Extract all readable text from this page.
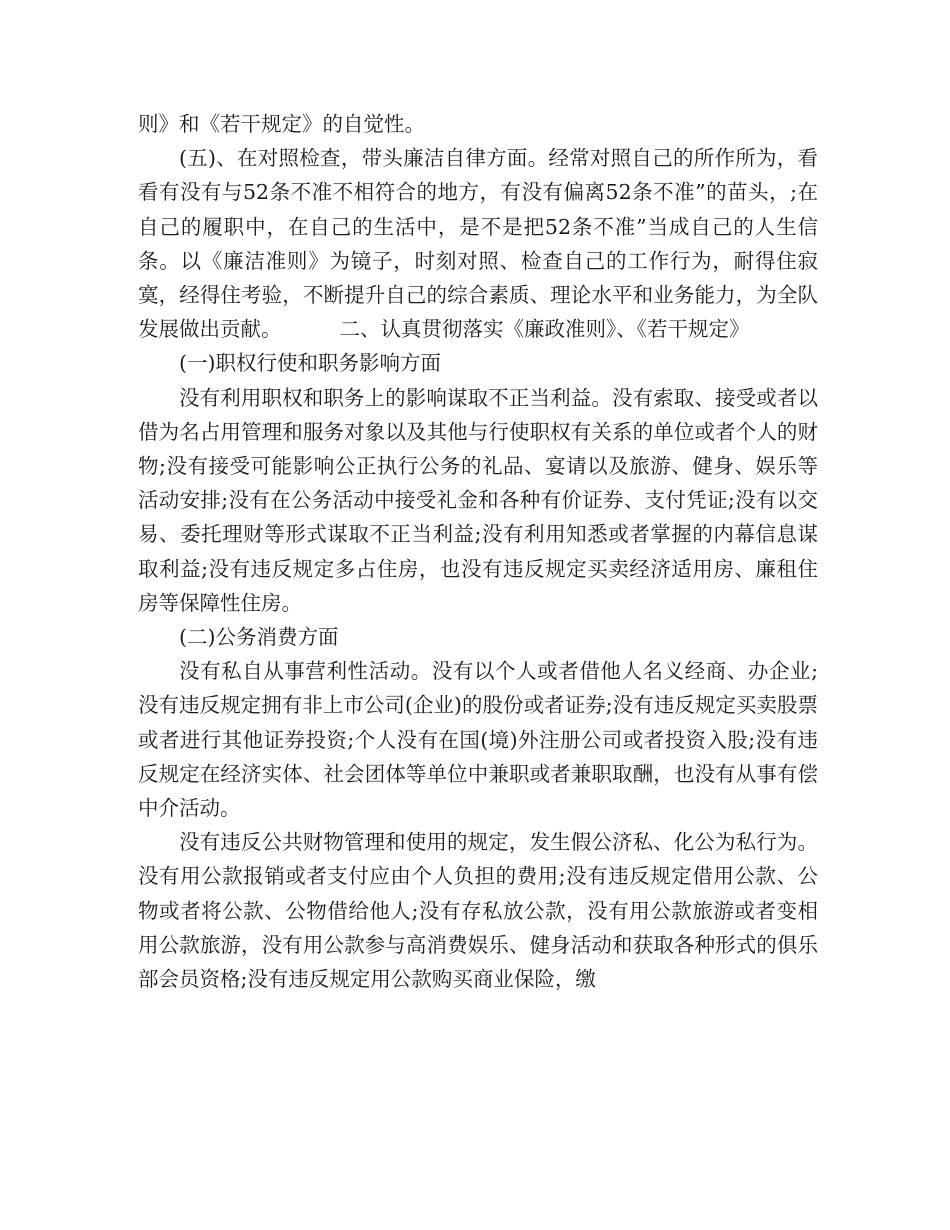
则》和《若干规定》的自觉性。

(五)、在对照检查，带头廉洁自律方面。经常对照自己的所作所为，看看有没有与52条不准不相符合的地方，有没有偏离52条不准”的苗头，;在自己的履职中，在自己的生活中，是不是把52条不准”当成自己的人生信条。以《廉洁准则》为镜子，时刻对照、检查自己的工作行为，耐得住寂寞，经得住考验，不断提升自己的综合素质、理论水平和业务能力，为全队发展做出贡献。	二、认真贯彻落实《廉政准则》、《若干规定》

(一)职权行使和职务影响方面

没有利用职权和职务上的影响谋取不正当利益。没有索取、接受或者以借为名占用管理和服务对象以及其他与行使职权有关系的单位或者个人的财物;没有接受可能影响公正执行公务的礼品、宴请以及旅游、健身、娱乐等活动安排;没有在公务活动中接受礼金和各种有价证券、支付凭证;没有以交易、委托理财等形式谋取不正当利益;没有利用知悉或者掌握的内幕信息谋取利益;没有违反规定多占住房，也没有违反规定买卖经济适用房、廉租住房等保障性住房。

(二)公务消费方面

没有私自从事营利性活动。没有以个人或者借他人名义经商、办企业;没有违反规定拥有非上市公司(企业)的股份或者证券;没有违反规定买卖股票或者进行其他证券投资;个人没有在国(境)外注册公司或者投资入股;没有违反规定在经济实体、社会团体等单位中兼职或者兼职取酬，也没有从事有偿中介活动。

没有违反公共财物管理和使用的规定，发生假公济私、化公为私行为。没有用公款报销或者支付应由个人负担的费用;没有违反规定借用公款、公物或者将公款、公物借给他人;没有存私放公款，没有用公款旅游或者变相用公款旅游，没有用公款参与高消费娱乐、健身活动和获取各种形式的俱乐部会员资格;没有违反规定用公款购买商业保险，缴
